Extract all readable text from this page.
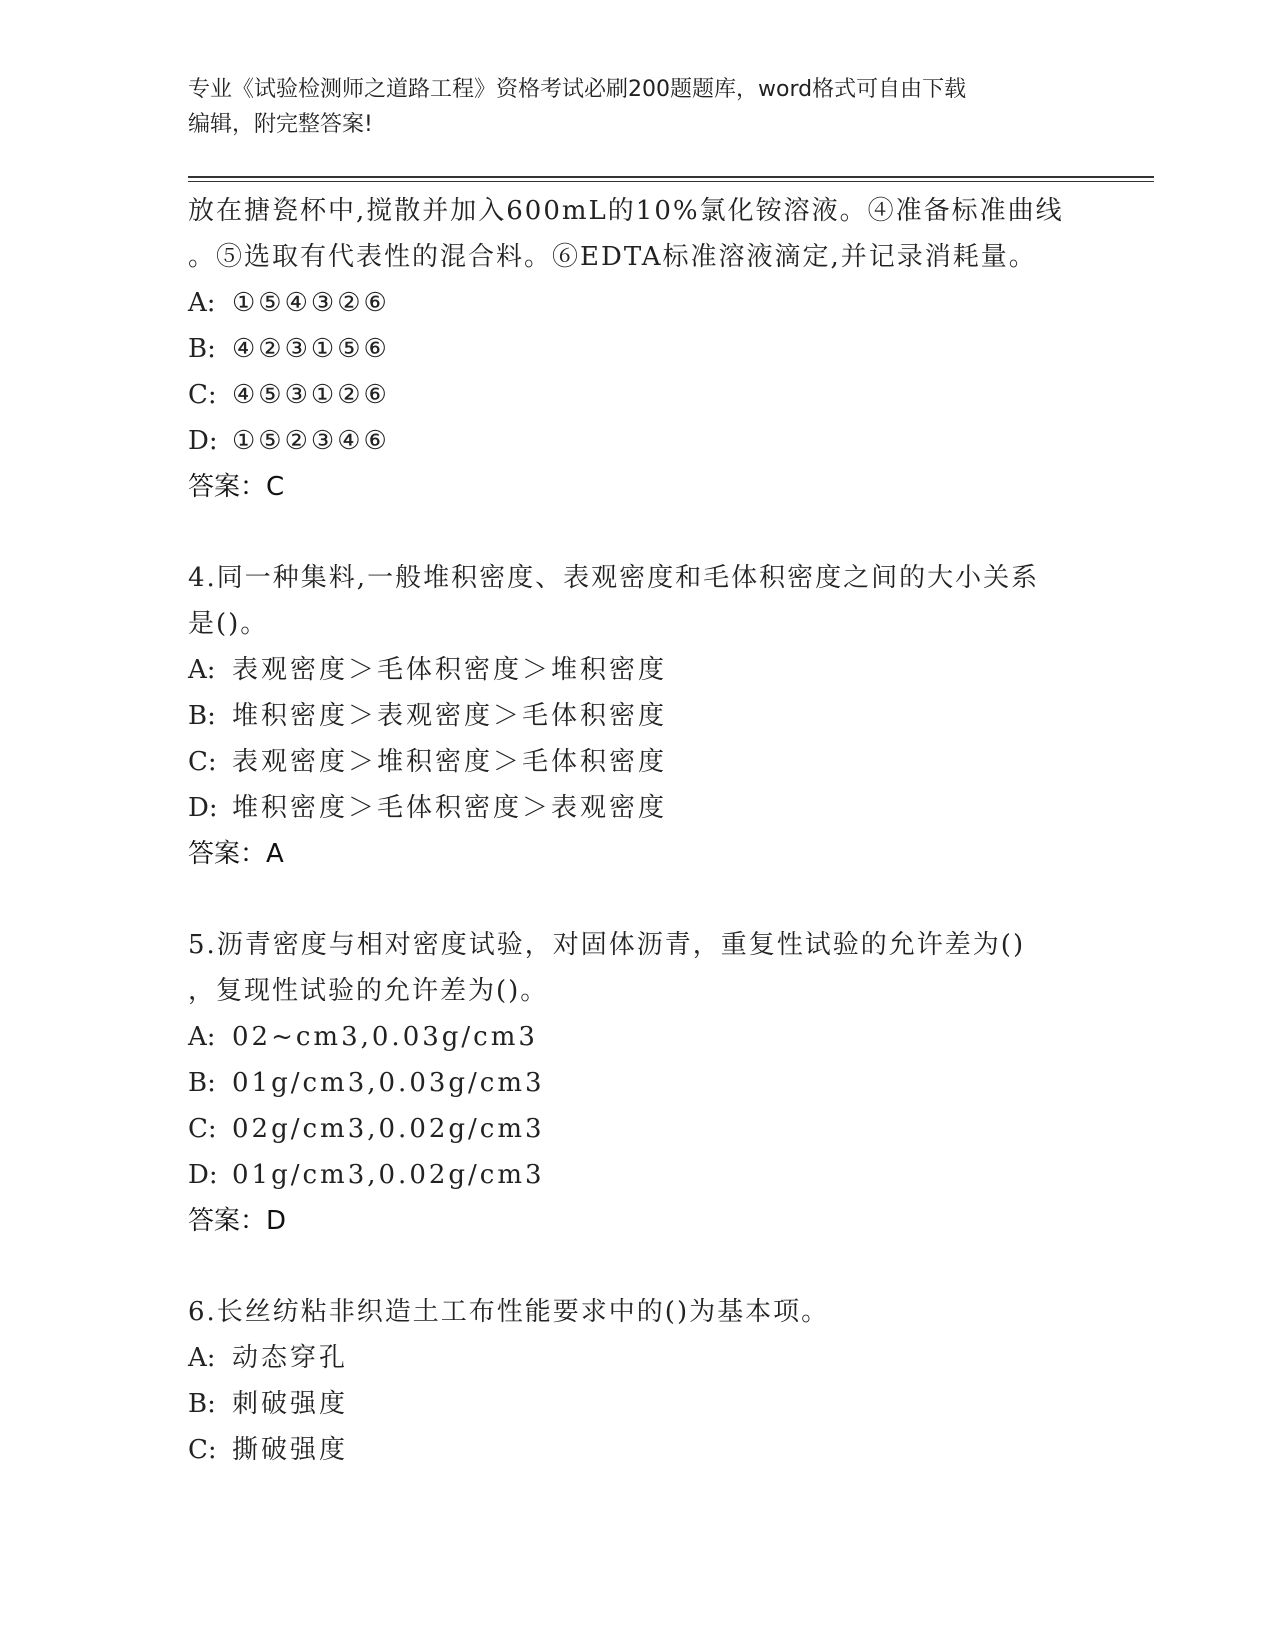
专业《试验检测师之道路工程》资格考试必刷200题题库，word格式可自由下载
编辑，附完整答案!
放在搪瓷杯中,搅散并加入600mL的10%氯化铵溶液。④准备标准曲线
。⑤选取有代表性的混合料。⑥EDTA标准溶液滴定,并记录消耗量。
A: ①⑤④③②⑥
B: ④②③①⑤⑥
C: ④⑤③①②⑥
D: ①⑤②③④⑥
答案：C
4.同一种集料,一般堆积密度、表观密度和毛体积密度之间的大小关系
是()。
A: 表观密度＞毛体积密度＞堆积密度
B: 堆积密度＞表观密度＞毛体积密度
C: 表观密度＞堆积密度＞毛体积密度
D: 堆积密度＞毛体积密度＞表观密度
答案：A
5.沥青密度与相对密度试验，对固体沥青，重复性试验的允许差为()
，复现性试验的允许差为()。
A: 02~cm3,0.03g/cm3
B: 01g/cm3,0.03g/cm3
C: 02g/cm3,0.02g/cm3
D: 01g/cm3,0.02g/cm3
答案：D
6.长丝纺粘非织造土工布性能要求中的()为基本项。
A: 动态穿孔
B: 刺破强度
C: 撕破强度
